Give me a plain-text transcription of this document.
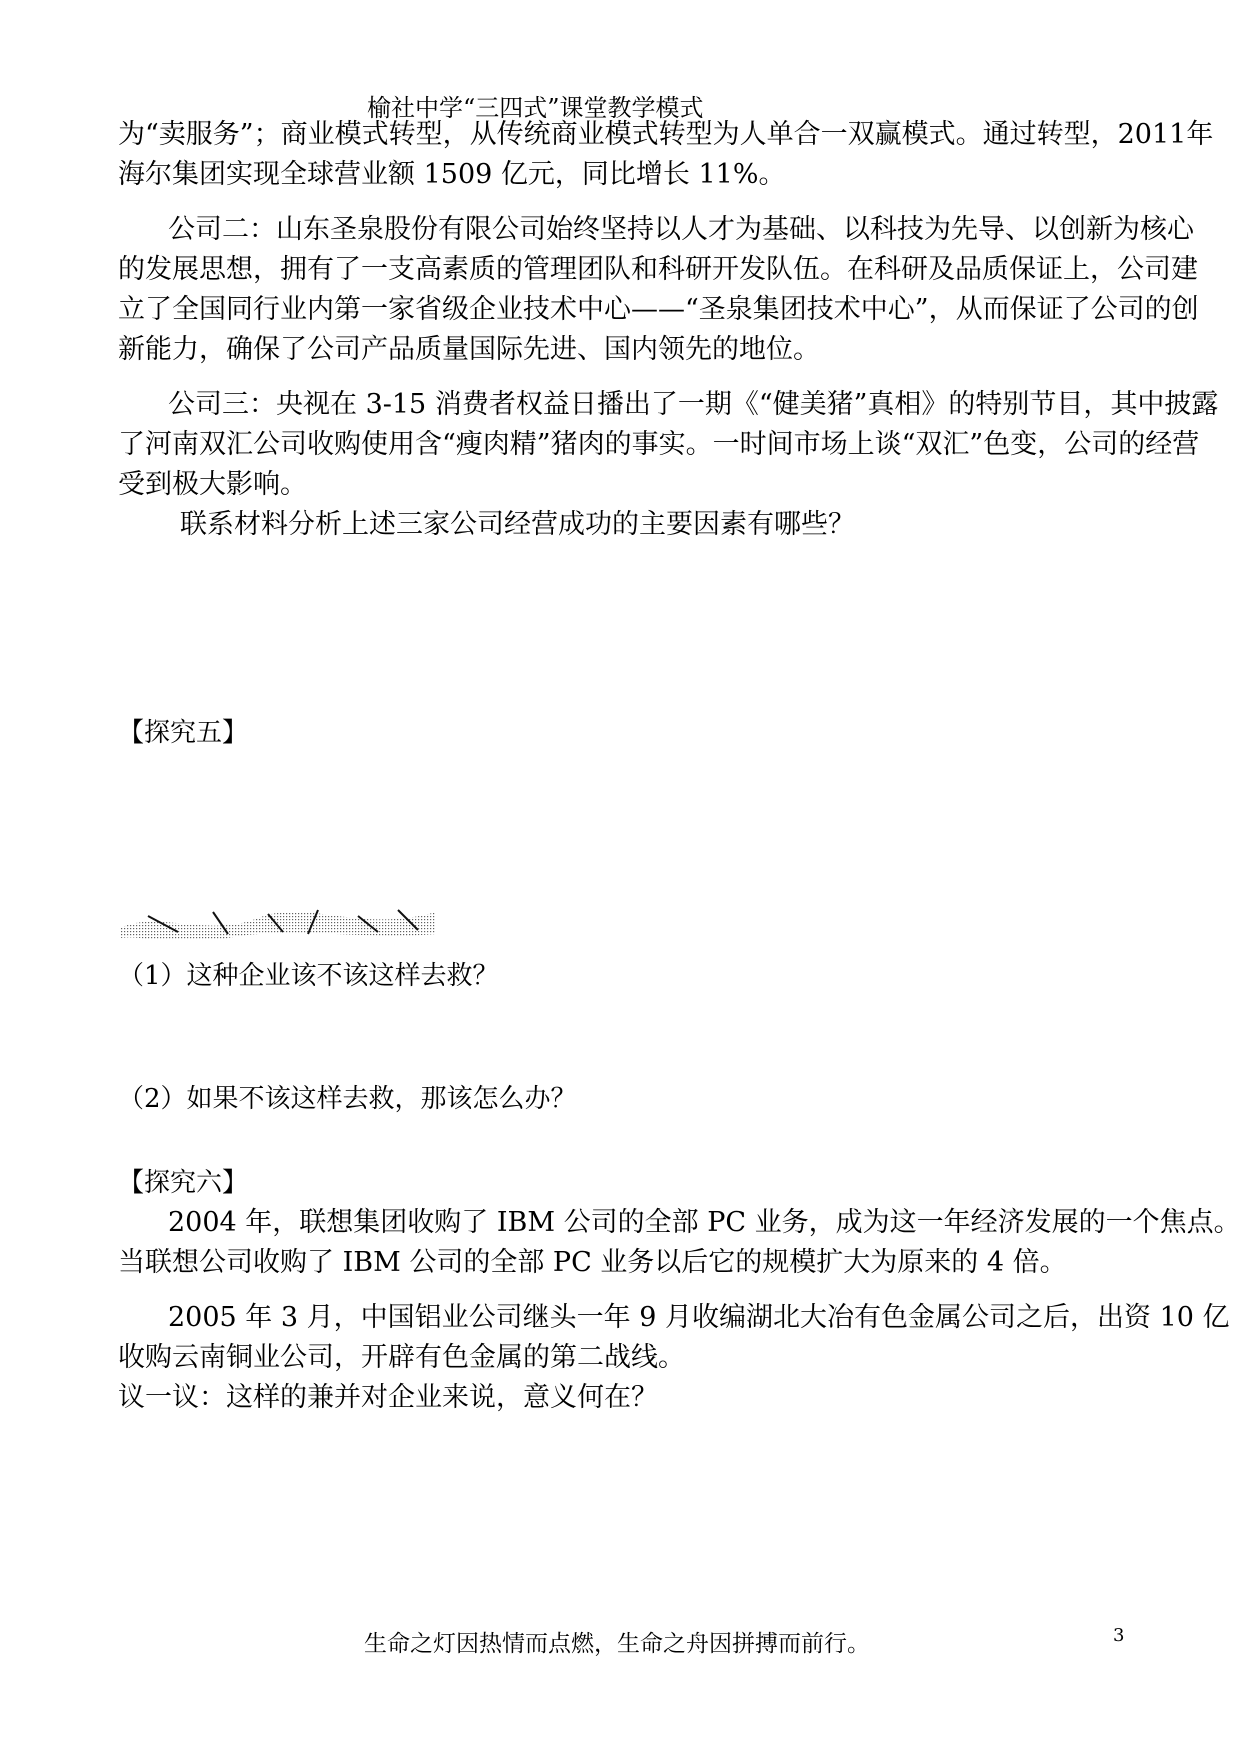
榆社中学“三四式”课堂教学模式
为“卖服务”；商业模式转型，从传统商业模式转型为人单合一双赢模式。通过转型，2011年
海尔集团实现全球营业额 1509 亿元，同比增长 11%。
公司二：山东圣泉股份有限公司始终坚持以人才为基础、以科技为先导、以创新为核心
的发展思想，拥有了一支高素质的管理团队和科研开发队伍。在科研及品质保证上，公司建
立了全国同行业内第一家省级企业技术中心——“圣泉集团技术中心”，从而保证了公司的创
新能力，确保了公司产品质量国际先进、国内领先的地位。
公司三：央视在 3-15 消费者权益日播出了一期《“健美猪”真相》的特别节目，其中披露
了河南双汇公司收购使用含“瘦肉精”猪肉的事实。一时间市场上谈“双汇”色变，公司的经营
受到极大影响。
联系材料分析上述三家公司经营成功的主要因素有哪些？
【探究五】
（1）这种企业该不该这样去救？
（2）如果不该这样去救，那该怎么办？
【探究六】
2004 年，联想集团收购了 IBM 公司的全部 PC 业务，成为这一年经济发展的一个焦点。
当联想公司收购了 IBM 公司的全部 PC 业务以后它的规模扩大为原来的 4 倍。
2005 年 3 月，中国铝业公司继头一年 9 月收编湖北大冶有色金属公司之后，出资 10 亿
收购云南铜业公司，开辟有色金属的第二战线。
议一议：这样的兼并对企业来说，意义何在？
生命之灯因热情而点燃，生命之舟因拼搏而前行。	3
